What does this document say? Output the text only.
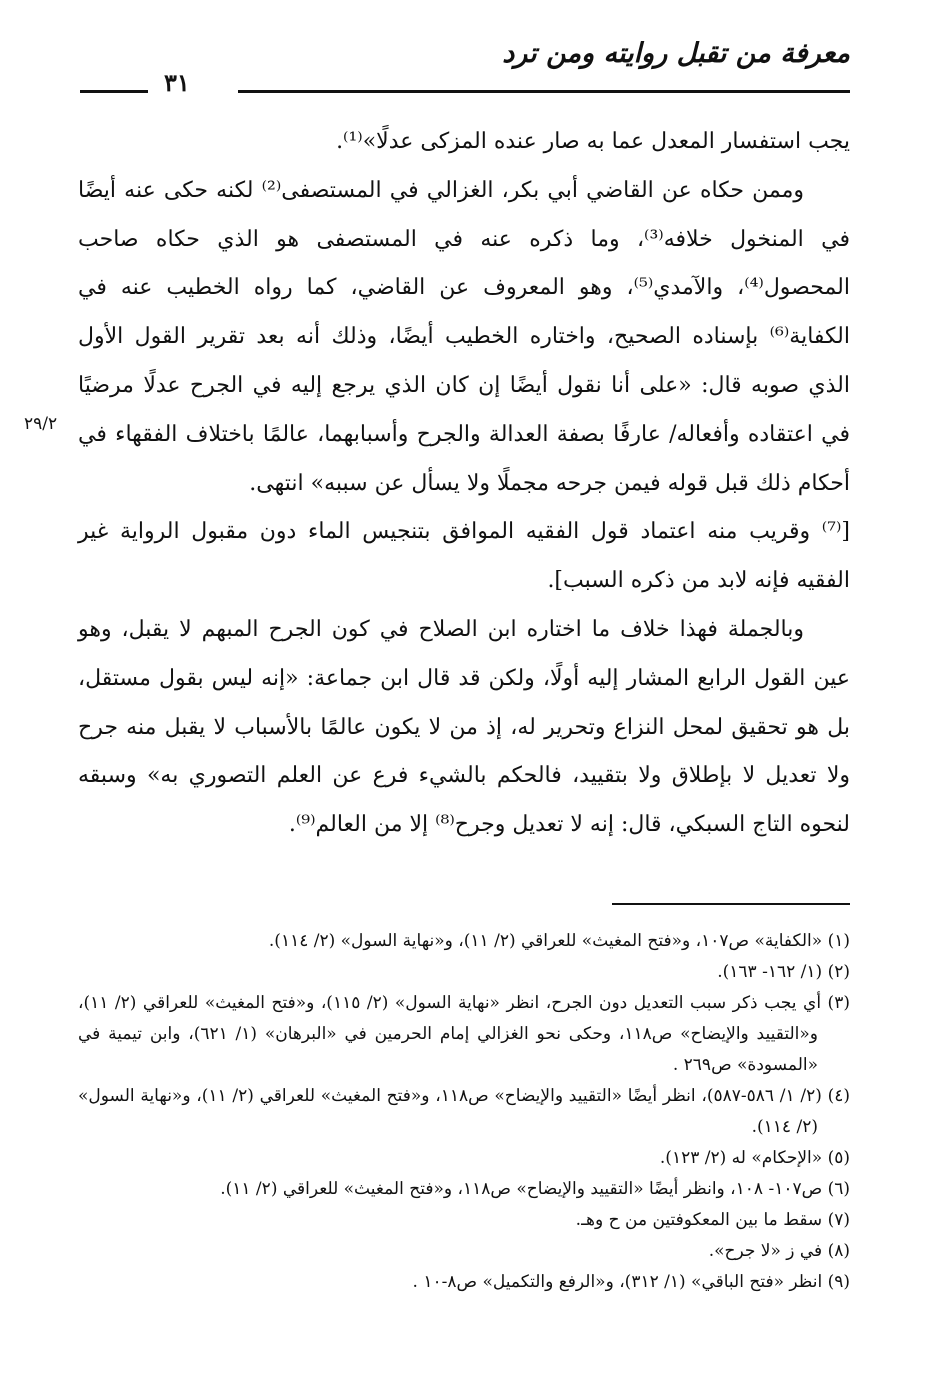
معرفة من تقبل روايته ومن ترد
٣١
٢٩/٢

يجب استفسار المعدل عما به صار عنده المزكى عدلًا»⁽¹⁾.

وممن حكاه عن القاضي أبي بكر، الغزالي في المستصفى⁽²⁾ لكنه حكى عنه أيضًا في المنخول خلافه⁽³⁾، وما ذكره عنه في المستصفى هو الذي حكاه صاحب المحصول⁽⁴⁾، والآمدي⁽⁵⁾، وهو المعروف عن القاضي، كما رواه الخطيب عنه في الكفاية⁽⁶⁾ بإسناده الصحيح، واختاره الخطيب أيضًا، وذلك أنه بعد تقرير القول الأول الذي صوبه قال: «على أنا نقول أيضًا إن كان الذي يرجع إليه في الجرح عدلًا مرضيًا في اعتقاده وأفعاله/ عارفًا بصفة العدالة والجرح وأسبابهما، عالمًا باختلاف الفقهاء في أحكام ذلك قبل قوله فيمن جرحه مجملًا ولا يسأل عن سببه» انتهى.

[⁽⁷⁾ وقريب منه اعتماد قول الفقيه الموافق بتنجيس الماء دون مقبول الرواية غير الفقيه فإنه لابد من ذكره السبب].

وبالجملة فهذا خلاف ما اختاره ابن الصلاح في كون الجرح المبهم لا يقبل، وهو عين القول الرابع المشار إليه أولًا، ولكن قد قال ابن جماعة: «إنه ليس بقول مستقل، بل هو تحقيق لمحل النزاع وتحرير له، إذ من لا يكون عالمًا بالأسباب لا يقبل منه جرح ولا تعديل لا بإطلاق ولا بتقييد، فالحكم بالشيء فرع عن العلم التصوري به» وسبقه لنحوه التاج السبكي، قال: إنه لا تعديل وجرح⁽⁸⁾ إلا من العالم⁽⁹⁾.

(١) «الكفاية» ص١٠٧، و«فتح المغيث» للعراقي (٢/ ١١)، و«نهاية السول» (٢/ ١١٤).

(٢) (١/ ١٦٢- ١٦٣).

(٣) أي يجب ذكر سبب التعديل دون الجرح، انظر «نهاية السول» (٢/ ١١٥)، و«فتح المغيث» للعراقي (٢/ ١١)، و«التقييد والإيضاح» ص١١٨، وحكى نحو الغزالي إمام الحرمين في «البرهان» (١/ ٦٢١)، وابن تيمية في «المسودة» ص٢٦٩ .

(٤) (٢/ ١/ ٥٨٦-٥٨٧)، انظر أيضًا «التقييد والإيضاح» ص١١٨، و«فتح المغيث» للعراقي (٢/ ١١)، و«نهاية السول» (٢/ ١١٤).

(٥) «الإحكام» له (٢/ ١٢٣).

(٦) ص١٠٧- ١٠٨، وانظر أيضًا «التقييد والإيضاح» ص١١٨، و«فتح المغيث» للعراقي (٢/ ١١).

(٧) سقط ما بين المعكوفتين من ح وهـ.

(٨) في ز «لا جرح».

(٩) انظر «فتح الباقي» (١/ ٣١٢)، و«الرفع والتكميل» ص٨-١٠ .
